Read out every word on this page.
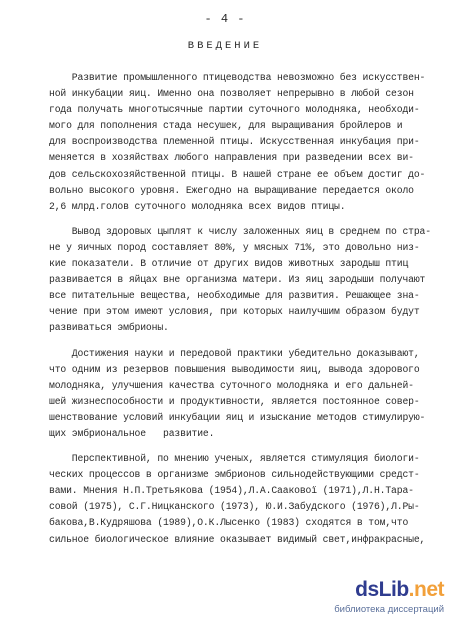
- 4 -
ВВЕДЕНИЕ
Развитие промышленного птицеводства невозможно без искусствен-
ной инкубации яиц. Именно она позволяет непрерывно в любой сезон
года получать многотысячные партии суточного молодняка, необходи-
мого для пополнения стада несушек, для выращивания бройлеров и
для воспроизводства племенной птицы. Искусственная инкубация при-
меняется в хозяйствах любого направления при разведении всех ви-
дов сельскохозяйственной птицы. В нашей стране ее объем достиг до-
вольно высокого уровня. Ежегодно на выращивание передается около
2,6 млрд.голов суточного молодняка всех видов птицы.
Вывод здоровых цыплят к числу заложенных яиц в среднем по стра-
не у яичных пород составляет 80%, у мясных 71%, это довольно низ-
кие показатели. В отличие от других видов животных зародыш птиц
развивается в яйцах вне организма матери. Из яиц зародыши получают
все питательные вещества, необходимые для развития. Решающее зна-
чение при этом имеют условия, при которых наилучшим образом будут
развиваться эмбрионы.
Достижения науки и передовой практики убедительно доказывают,
что одним из резервов повышения выводимости яиц, вывода здорового
молодняка, улучшения качества суточного молодняка и его дальней-
шей жизнеспособности и продуктивности, является постоянное совер-
шенствование условий инкубации яиц и изыскание методов стимулирую-
щих эмбриональное   развитие.
Перспективной, по мнению ученых, является стимуляция биологи-
ческих процессов в организме эмбрионов сильнодействующими средст-
вами. Мнения Н.П.Третьякова (1954),Л.А.Саакової (1971),Л.Н.Тара-
совой (1975), С.Г.Ницканского (1973), Ю.И.Забудского (1976),Л.Ры-
бакова,В.Кудряшова (1989),О.К.Лысенко (1983) сходятся в том,что
сильное биологическое влияние оказывает видимый свет,инфракрасные,
dsLib.net
библиотека диссертаций
